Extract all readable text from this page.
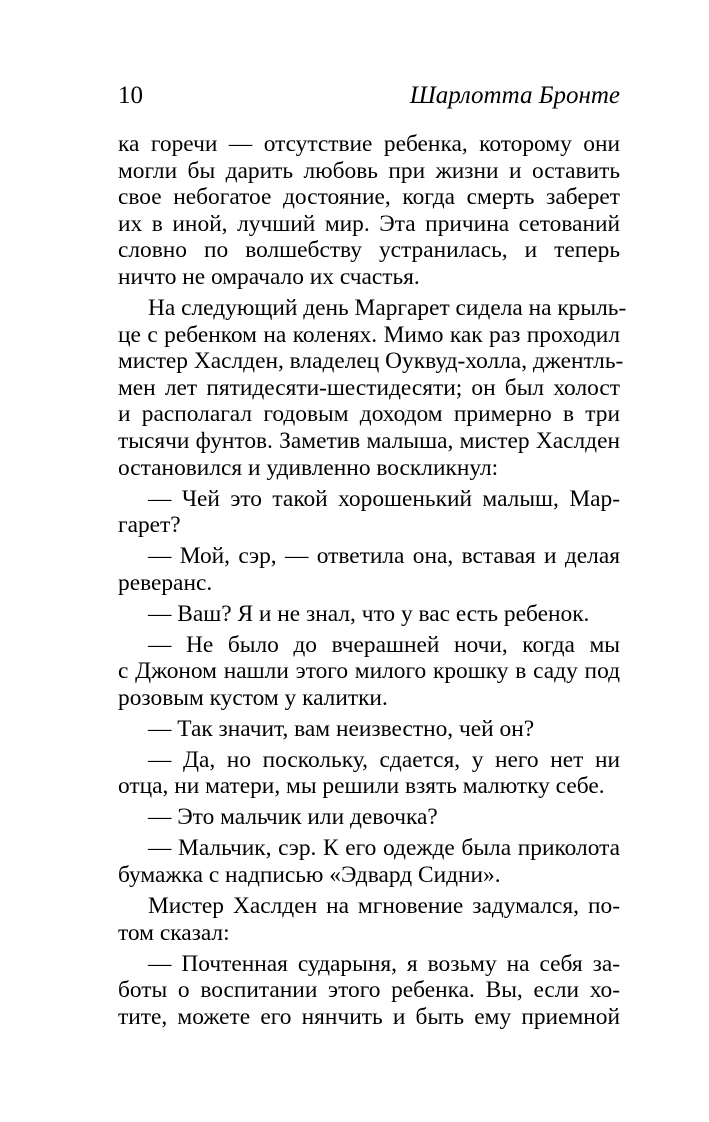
10	Шарлотта Бронте
ка горечи — отсутствие ребенка, которому они
могли бы дарить любовь при жизни и оставить
свое небогатое достояние, когда смерть заберет
их в иной, лучший мир. Эта причина сетований
словно по волшебству устранилась, и теперь
ничто не омрачало их счастья.
На следующий день Маргарет сидела на крыль-
це с ребенком на коленях. Мимо как раз проходил
мистер Хаслден, владелец Оуквуд-холла, джентль-
мен лет пятидесяти-шестидесяти; он был холост
и располагал годовым доходом примерно в три
тысячи фунтов. Заметив малыша, мистер Хаслден
остановился и удивленно воскликнул:
— Чей это такой хорошенький малыш, Мар-
гарет?
— Мой, сэр, — ответила она, вставая и делая
реверанс.
— Ваш? Я и не знал, что у вас есть ребенок.
— Не было до вчерашней ночи, когда мы
с Джоном нашли этого милого крошку в саду под
розовым кустом у калитки.
— Так значит, вам неизвестно, чей он?
— Да, но поскольку, сдается, у него нет ни
отца, ни матери, мы решили взять малютку себе.
— Это мальчик или девочка?
— Мальчик, сэр. К его одежде была приколота
бумажка с надписью «Эдвард Сидни».
Мистер Хаслден на мгновение задумался, по-
том сказал:
— Почтенная сударыня, я возьму на себя за-
боты о воспитании этого ребенка. Вы, если хо-
тите, можете его нянчить и быть ему приемной
